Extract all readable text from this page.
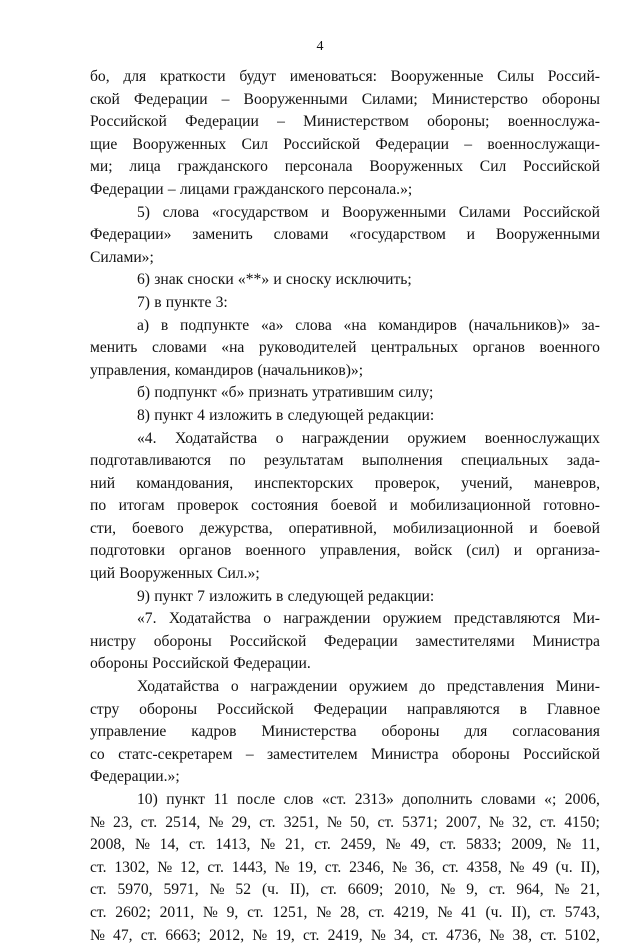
4
бо, для краткости будут именоваться: Вооруженные Силы Россий-
ской Федерации – Вооруженными Силами; Министерство обороны
Российской Федерации – Министерством обороны; военнослужа-
щие Вооруженных Сил Российской Федерации – военнослужащи-
ми; лица гражданского персонала Вооруженных Сил Российской
Федерации – лицами гражданского персонала.»;
5) слова «государством и Вооруженными Силами Российской
Федерации» заменить словами «государством и Вооруженными
Силами»;
6) знак сноски «**» и сноску исключить;
7) в пункте 3:
а) в подпункте «а» слова «на командиров (начальников)» за-
менить словами «на руководителей центральных органов военного
управления, командиров (начальников)»;
б) подпункт «б» признать утратившим силу;
8) пункт 4 изложить в следующей редакции:
«4. Ходатайства о награждении оружием военнослужащих
подготавливаются по результатам выполнения специальных зада-
ний командования, инспекторских проверок, учений, маневров,
по итогам проверок состояния боевой и мобилизационной готовно-
сти, боевого дежурства, оперативной, мобилизационной и боевой
подготовки органов военного управления, войск (сил) и организа-
ций Вооруженных Сил.»;
9) пункт 7 изложить в следующей редакции:
«7. Ходатайства о награждении оружием представляются Ми-
нистру обороны Российской Федерации заместителями Министра
обороны Российской Федерации.
Ходатайства о награждении оружием до представления Мини-
стру обороны Российской Федерации направляются в Главное
управление кадров Министерства обороны для согласования
со статс-секретарем – заместителем Министра обороны Российской
Федерации.»;
10) пункт 11 после слов «ст. 2313» дополнить словами «; 2006,
№ 23, ст. 2514, № 29, ст. 3251, № 50, ст. 5371; 2007, № 32, ст. 4150;
2008, № 14, ст. 1413, № 21, ст. 2459, № 49, ст. 5833; 2009, № 11,
ст. 1302, № 12, ст. 1443, № 19, ст. 2346, № 36, ст. 4358, № 49 (ч. II),
ст. 5970, 5971, № 52 (ч. II), ст. 6609; 2010, № 9, ст. 964, № 21,
ст. 2602; 2011, № 9, ст. 1251, № 28, ст. 4219, № 41 (ч. II), ст. 5743,
№ 47, ст. 6663; 2012, № 19, ст. 2419, № 34, ст. 4736, № 38, ст. 5102,
